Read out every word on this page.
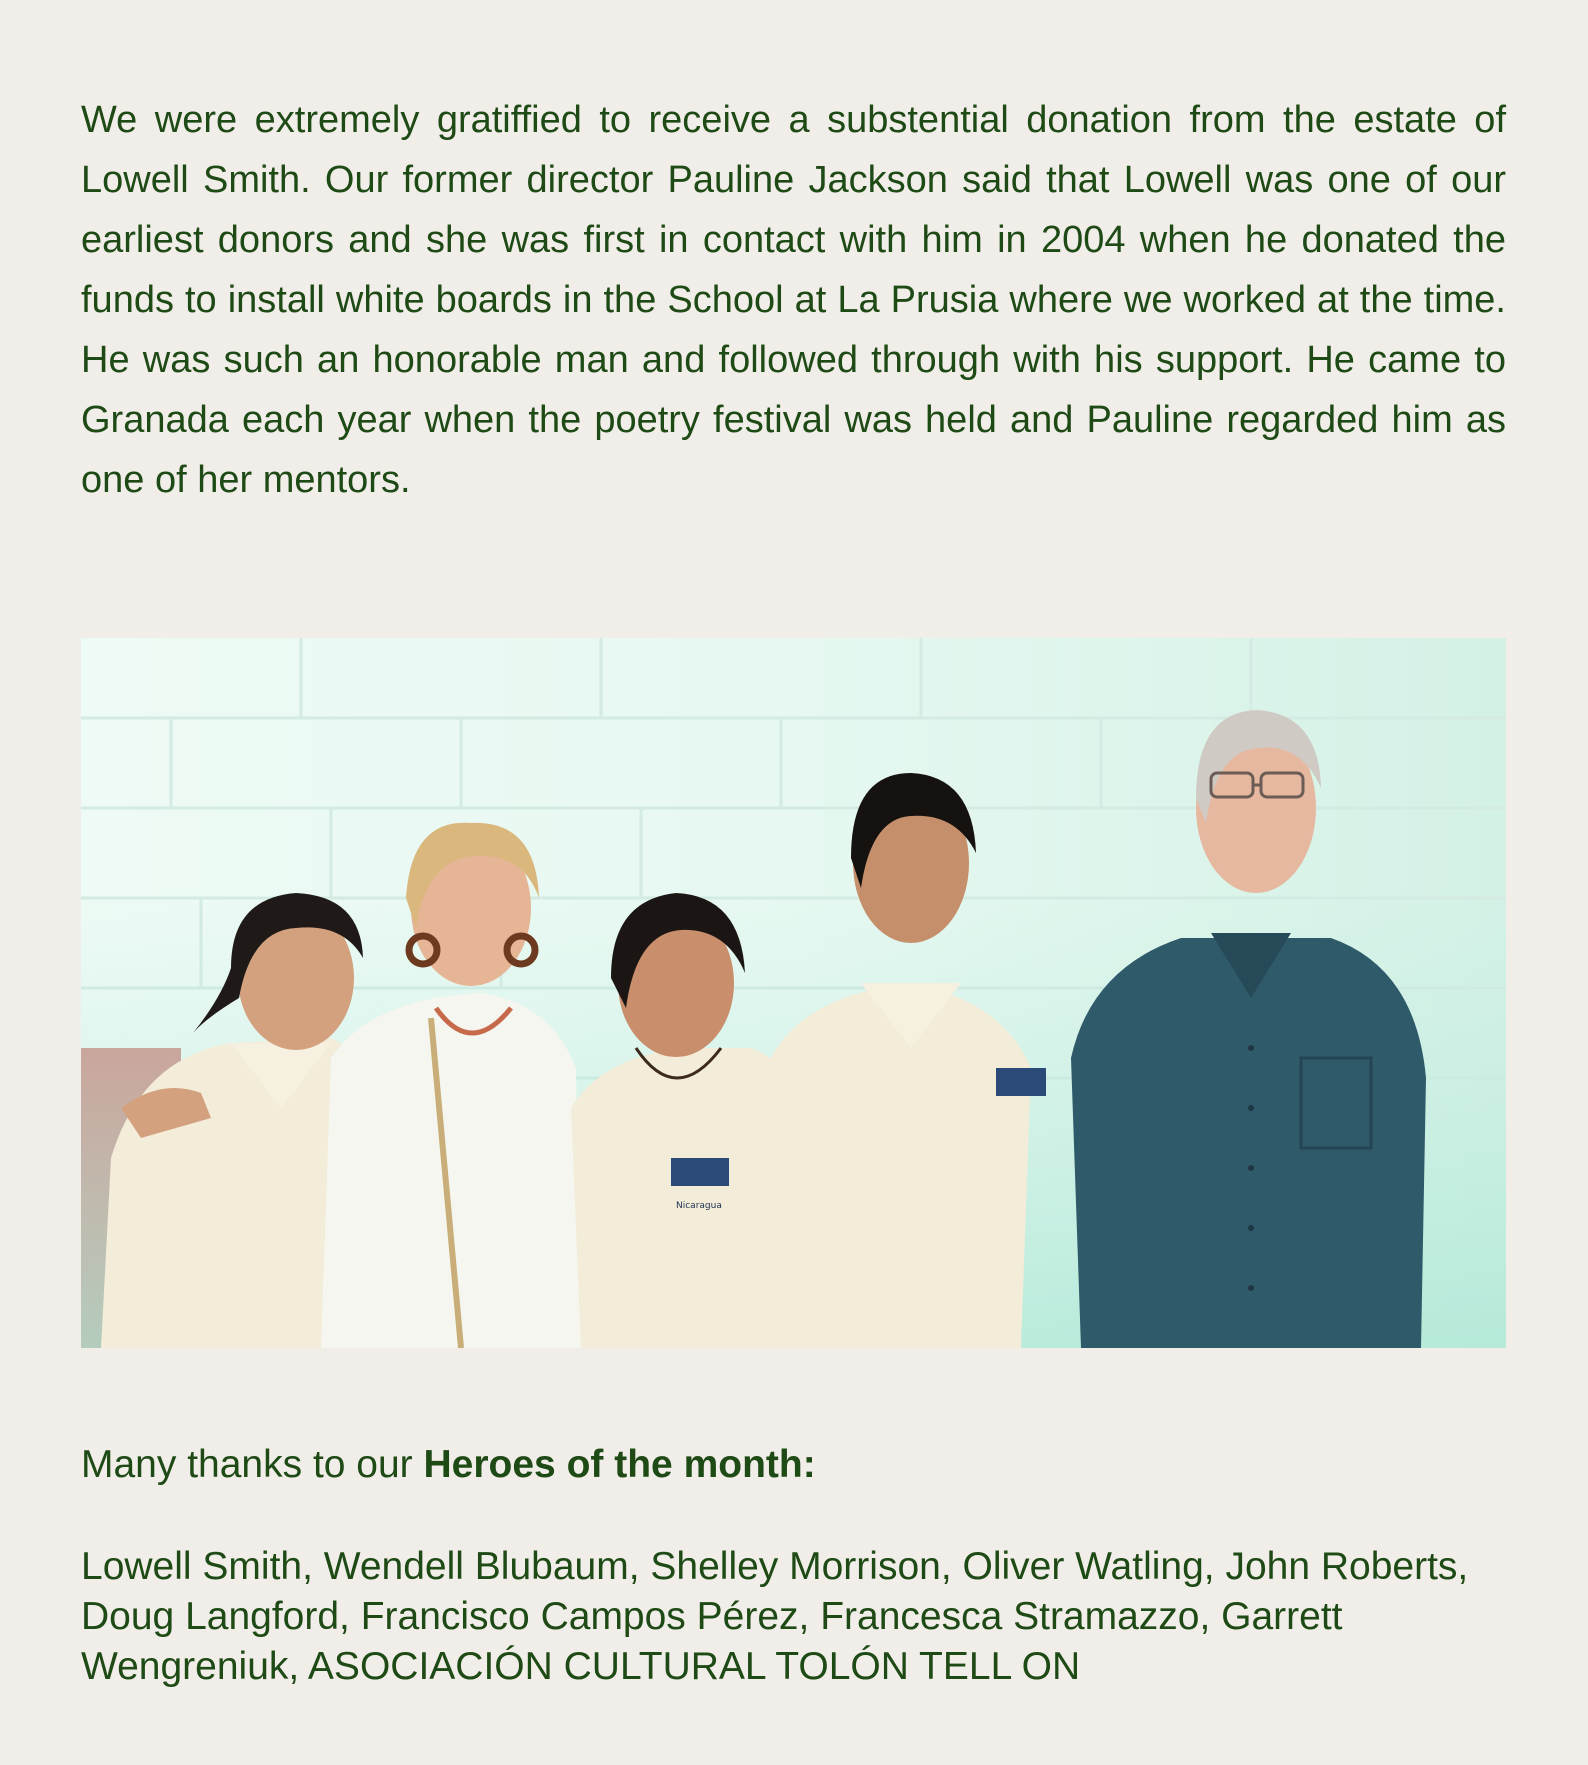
We were extremely gratiffied to receive a substential donation from the estate of Lowell Smith. Our former director Pauline Jackson said that Lowell was one of our earliest donors and she was first in contact with him in 2004 when he donated the funds to install white boards in the School at La Prusia where we worked at the time. He was such an honorable man and followed through with his support. He came to Granada each year when the poetry festival was held and Pauline regarded him as one of her mentors.

Nicaragua

Many thanks to our Heroes of the month:

Lowell Smith, Wendell Blubaum, Shelley Morrison, Oliver Watling, John Roberts, Doug Langford, Francisco Campos Pérez, Francesca Stramazzo, Garrett Wengreniuk, ASOCIACIÓN CULTURAL TOLÓN TELL ON
